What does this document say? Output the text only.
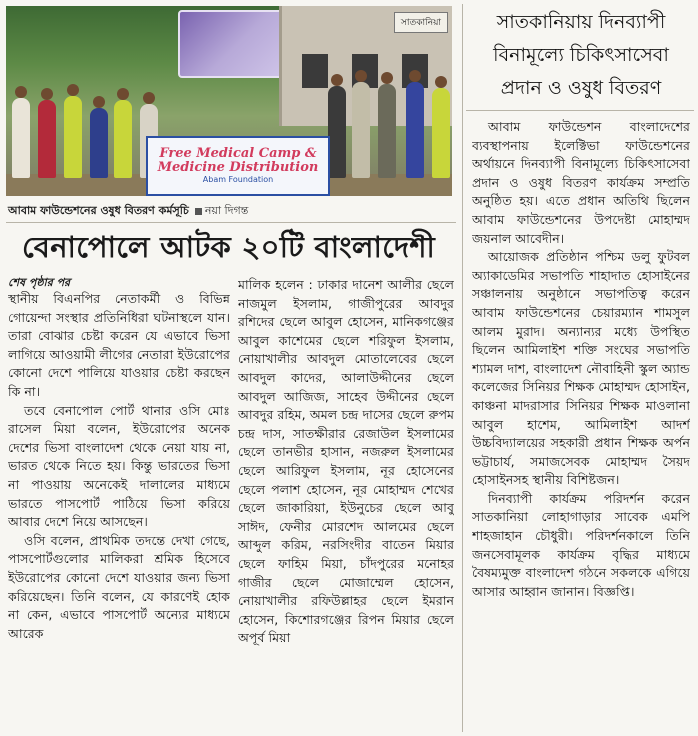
সাতকানিয়া
Free Medical Camp & Medicine Distribution
Abam Foundation
আবাম ফাউন্ডেশনের ওষুধ বিতরণ কর্মসূচি নয়া দিগন্ত
বেনাপোলে আটক ২০টি বাংলাদেশী
শেষ পৃষ্ঠার পর

স্থানীয় বিএনপির নেতাকর্মী ও বিভিন্ন গোয়েন্দা সংস্থার প্রতিনিধিরা ঘটনাস্থলে যান। তারা বোঝার চেষ্টা করেন যে এভাবে ভিসা লাগিয়ে আওয়ামী লীগের নেতারা ইউরোপের কোনো দেশে পালিয়ে যাওয়ার চেষ্টা করছেন কি না।

তবে বেনাপোল পোর্ট থানার ওসি মোঃ রাসেল মিয়া বলেন, ইউরোপের অনেক দেশের ভিসা বাংলাদেশ থেকে নেয়া যায় না, ভারত থেকে নিতে হয়। কিন্তু ভারতের ভিসা না পাওয়ায় অনেকেই দালালের মাধ্যমে ভারতে পাসপোর্ট পাঠিয়ে ভিসা করিয়ে আবার দেশে নিয়ে আসছেন।

ওসি বলেন, প্রাথমিক তদন্তে দেখা গেছে, পাসপোর্টগুলোর মালিকরা শ্রমিক হিসেবে ইউরোপের কোনো দেশে যাওয়ার জন্য ভিসা করিয়েছেন। তিনি বলেন, যে কারণেই হোক না কেন, এভাবে পাসপোর্ট অন্যের মাধ্যমে আরেক

মালিক হলেন : ঢাকার দানেশ আলীর ছেলে নাজমুল ইসলাম, গাজীপুরের আবদুর রশিদের ছেলে আবুল হোসেন, মানিকগঞ্জের আবুল কাশেমের ছেলে শরিফুল ইসলাম, নোয়াখালীর আবদুল মোতালেবের ছেলে আবদুল কাদের, আলাউদ্দীনের ছেলে আবদুল আজিজ, সাহেব উদ্দীনের ছেলে আবদুর রহিম, অমল চন্দ্র দাসের ছেলে রুপম চন্দ্র দাস, সাতক্ষীরার রেজাউল ইসলামের ছেলে তানভীর হাসান, নজরুল ইসলামের ছেলে আরিফুল ইসলাম, নূর হোসেনের ছেলে পলাশ হোসেন, নূর মোহাম্মদ শেখের ছেলে জাকারিয়া, ইউনুচের ছেলে আবু সাঈদ, ফেনীর মোরশেদ আলমের ছেলে আব্দুল করিম, নরসিংদীর বাতেন মিয়ার ছেলে ফাহিম মিয়া, চাঁদপুরের মনোহর গাজীর ছেলে মোজাম্মেল হোসেন, নোয়াখালীর রফিউল্লাহর ছেলে ইমরান হোসেন, কিশোরগঞ্জের রিপন মিয়ার ছেলে অপূর্ব মিয়া

সাতকানিয়ায় দিনব্যাপী বিনামূল্যে চিকিৎসাসেবা প্রদান ও ওষুধ বিতরণ

আবাম ফাউন্ডেশন বাংলাদেশের ব্যবস্থাপনায় ইলেক্টিভা ফাউন্ডেশনের অর্থায়নে দিনব্যাপী বিনামূল্যে চিকিৎসাসেবা প্রদান ও ওষুধ বিতরণ কার্যক্রম সম্প্রতি অনুষ্ঠিত হয়। এতে প্রধান অতিথি ছিলেন আবাম ফাউন্ডেশনের উপদেষ্টা মোহাম্মদ জয়নাল আবেদীন।

আয়োজক প্রতিষ্ঠান পশ্চিম ডলু ফুটবল অ্যাকাডেমির সভাপতি শাহাদাত হোসাইনের সঞ্চালনায় অনুষ্ঠানে সভাপতিত্ব করেন আবাম ফাউন্ডেশনের চেয়ারম্যান শামসুল আলম মুরাদ। অন্যান্যর মধ্যে উপস্থিত ছিলেন আমিলাইশ শক্তি সংঘের সভাপতি শ্যামল দাশ, বাংলাদেশ নৌবাহিনী স্কুল অ্যান্ড কলেজের সিনিয়র শিক্ষক মোহাম্মদ হোসাইন, কাঞ্চনা মাদরাসার সিনিয়র শিক্ষক মাওলানা আবুল হাশেম, আমিলাইশ আদর্শ উচ্চবিদ্যালয়ের সহকারী প্রধান শিক্ষক অর্পন ভট্টাচার্য, সমাজসেবক মোহাম্মদ সৈয়দ হোসাইনসহ স্থানীয় বিশিষ্টজন।

দিনব্যাপী কার্যক্রম পরিদর্শন করেন সাতকানিয়া লোহাগাড়ার সাবেক এমপি শাহজাহান চৌধুরী। পরিদর্শনকালে তিনি জনসেবামূলক কার্যক্রম বৃদ্ধির মাধ্যমে বৈষম্যমুক্ত বাংলাদেশ গঠনে সকলকে এগিয়ে আসার আহ্বান জানান। বিজ্ঞপ্তি।
